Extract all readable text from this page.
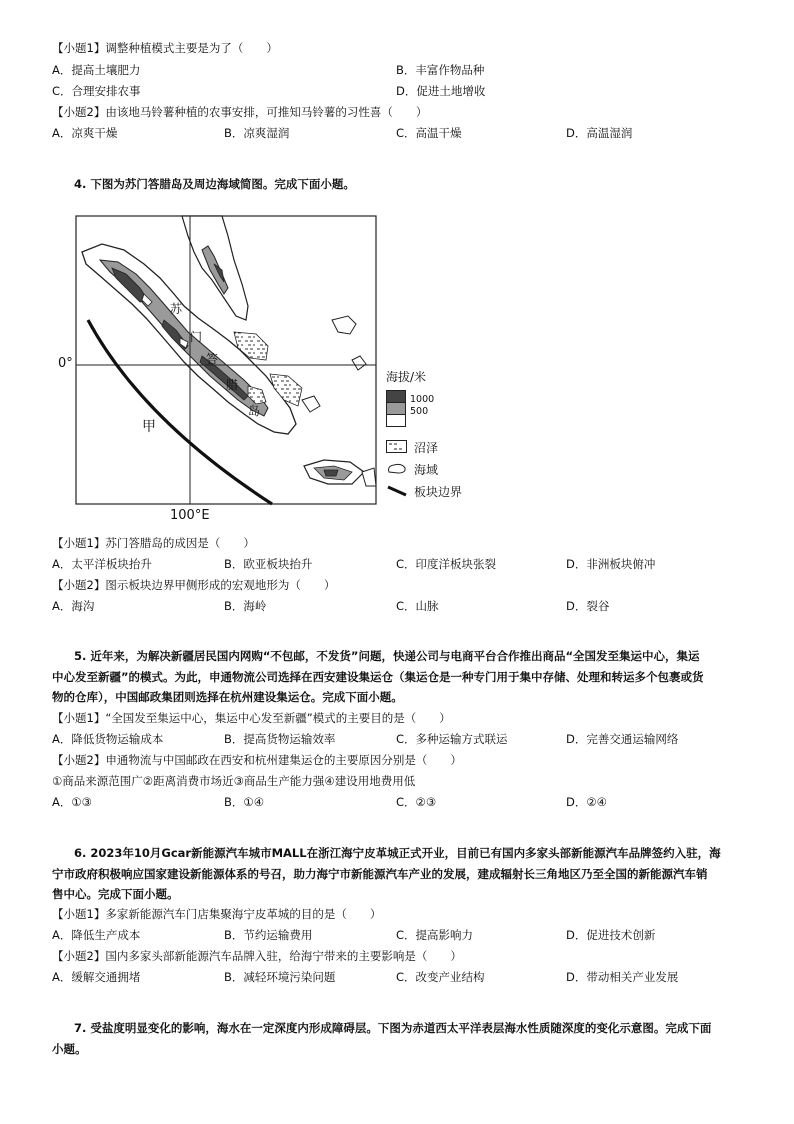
【小题1】调整种植模式主要是为了（　　）
A．提高土壤肥力	B．丰富作物品种
C．合理安排农事	D．促进土地增收
【小题2】由该地马铃薯种植的农事安排，可推知马铃薯的习性喜（　　）
A．凉爽干燥	B．凉爽湿润	C．高温干燥	D．高温湿润
4. 下图为苏门答腊岛及周边海域简图。完成下面小题。
0°
100°E
甲
苏
门
答
腊
岛
海拔/米
1000
500
沼泽
海域
板块边界
【小题1】苏门答腊岛的成因是（　　）
A．太平洋板块抬升	B．欧亚板块抬升	C．印度洋板块张裂	D．非洲板块俯冲
【小题2】图示板块边界甲侧形成的宏观地形为（　　）
A．海沟	B．海岭	C．山脉	D．裂谷
5. 近年来，为解决新疆居民国内网购“不包邮，不发货”问题，快递公司与电商平台合作推出商品“全国发至集运中心，集运
中心发至新疆”的模式。为此，申通物流公司选择在西安建设集运仓（集运仓是一种专门用于集中存储、处理和转运多个包裹或货
物的仓库），中国邮政集团则选择在杭州建设集运仓。完成下面小题。
【小题1】“全国发至集运中心，集运中心发至新疆”模式的主要目的是（　　）
A．降低货物运输成本	B．提高货物运输效率	C．多种运输方式联运	D．完善交通运输网络
【小题2】申通物流与中国邮政在西安和杭州建集运仓的主要原因分别是（　　）
①商品来源范围广②距离消费市场近③商品生产能力强④建设用地费用低
A．①③	B．①④	C．②③	D．②④
6. 2023年10月Gcar新能源汽车城市MALL在浙江海宁皮革城正式开业，目前已有国内多家头部新能源汽车品牌签约入驻，海
宁市政府积极响应国家建设新能源体系的号召，助力海宁市新能源汽车产业的发展，建成辐射长三角地区乃至全国的新能源汽车销
售中心。完成下面小题。
【小题1】多家新能源汽车门店集聚海宁皮革城的目的是（　　）
A．降低生产成本	B．节约运输费用	C．提高影响力	D．促进技术创新
【小题2】国内多家头部新能源汽车品牌入驻，给海宁带来的主要影响是（　　）
A．缓解交通拥堵	B．减轻环境污染问题	C．改变产业结构	D．带动相关产业发展
7. 受盐度明显变化的影响，海水在一定深度内形成障碍层。下图为赤道西太平洋表层海水性质随深度的变化示意图。完成下面
小题。
